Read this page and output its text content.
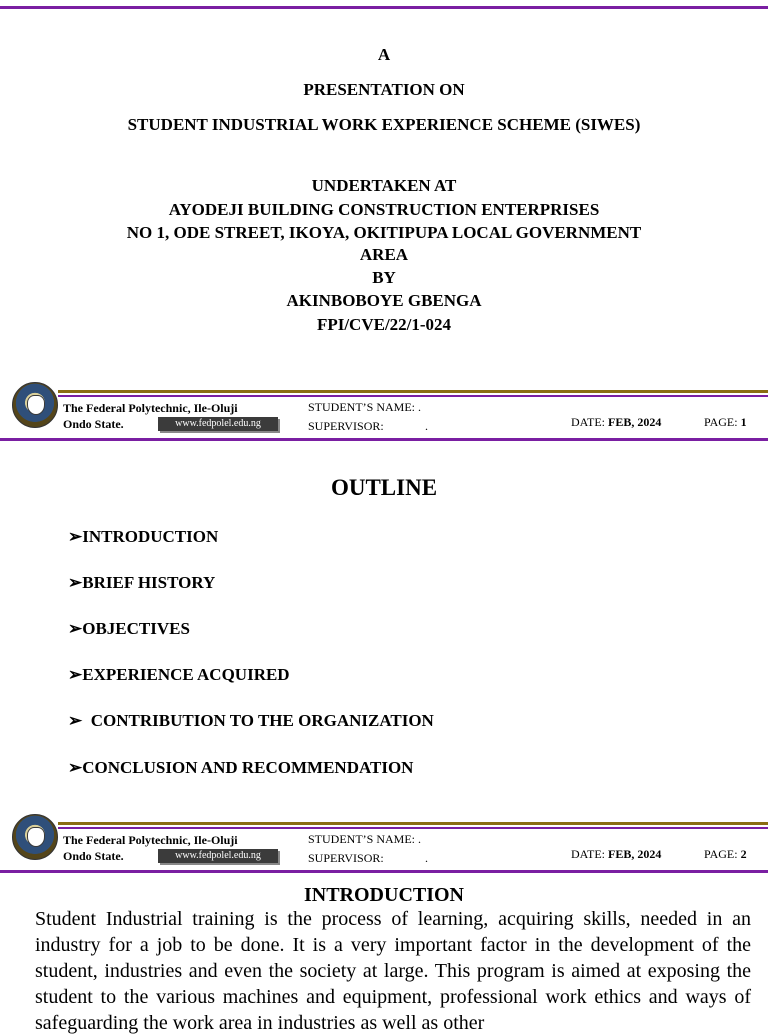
A
PRESENTATION ON
STUDENT INDUSTRIAL WORK EXPERIENCE SCHEME (SIWES)
UNDERTAKEN AT
AYODEJI BUILDING CONSTRUCTION ENTERPRISES
NO 1, ODE STREET, IKOYA, OKITIPUPA LOCAL GOVERNMENT
AREA
BY
AKINBOBOYE GBENGA
FPI/CVE/22/1-024
The Federal Polytechnic, Ile-Oluji
Ondo State.	www.fedpolel.edu.ng
STUDENT’S NAME: .
SUPERVISOR:	.	DATE: FEB, 2024	PAGE: 1
OUTLINE
➢INTRODUCTION
➢BRIEF HISTORY
➢OBJECTIVES
➢EXPERIENCE ACQUIRED
➢  CONTRIBUTION TO THE ORGANIZATION
➢CONCLUSION AND RECOMMENDATION
The Federal Polytechnic, Ile-Oluji
Ondo State.	www.fedpolel.edu.ng
STUDENT’S NAME: .
SUPERVISOR:	.	DATE: FEB, 2024	PAGE: 2
INTRODUCTION
Student Industrial training is the process of learning, acquiring skills, needed in an industry for a job to be done. It is a very important factor in the development of the student, industries and even the society at large. This program is aimed at exposing the student to the various machines and equipment, professional work ethics and ways of safeguarding the work area in industries as well as other
